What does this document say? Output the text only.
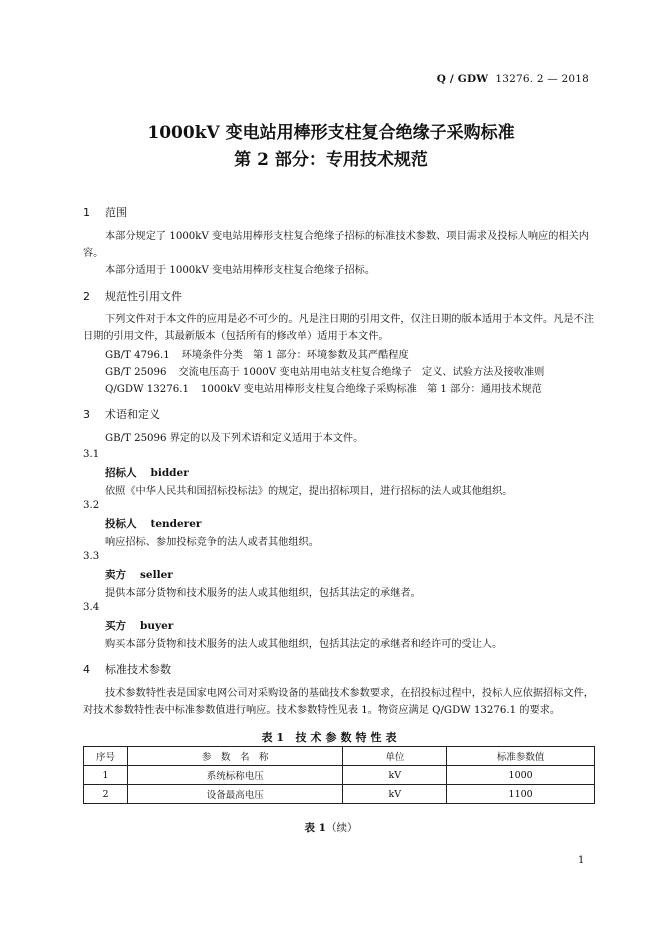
Q / GDW 13276. 2 — 2018
1000kV 变电站用棒形支柱复合绝缘子采购标准
第 2 部分：专用技术规范
1 范围
本部分规定了 1000kV 变电站用棒形支柱复合绝缘子招标的标准技术参数、项目需求及投标人响应的相关内容。
本部分适用于 1000kV 变电站用棒形支柱复合绝缘子招标。
2 规范性引用文件
下列文件对于本文件的应用是必不可少的。凡是注日期的引用文件，仅注日期的版本适用于本文件。凡是不注日期的引用文件，其最新版本（包括所有的修改单）适用于本文件。
GB/T 4796.1 环境条件分类　第 1 部分：环境参数及其严酷程度
GB/T 25096 交流电压高于 1000V 变电站用电站支柱复合绝缘子　定义、试验方法及接收准则
Q/GDW 13276.1 1000kV 变电站用棒形支柱复合绝缘子采购标准　第 1 部分：通用技术规范
3 术语和定义
GB/T 25096 界定的以及下列术语和定义适用于本文件。
3.1
招标人 bidder
依照《中华人民共和国招标投标法》的规定，提出招标项目，进行招标的法人或其他组织。
3.2
投标人 tenderer
响应招标、参加投标竞争的法人或者其他组织。
3.3
卖方 seller
提供本部分货物和技术服务的法人或其他组织，包括其法定的承继者。
3.4
买方 buyer
购买本部分货物和技术服务的法人或其他组织，包括其法定的承继者和经许可的受让人。
4 标准技术参数
技术参数特性表是国家电网公司对采购设备的基础技术参数要求，在招投标过程中，投标人应依据招标文件，对技术参数特性表中标准参数值进行响应。技术参数特性见表 1。物资应满足 Q/GDW 13276.1 的要求。
表 1 技术参数特性表
序号	参　数　名　称	单位	标准参数值
1	系统标称电压	kV	1000
2	设备最高电压	kV	1100
表 1（续）
1
